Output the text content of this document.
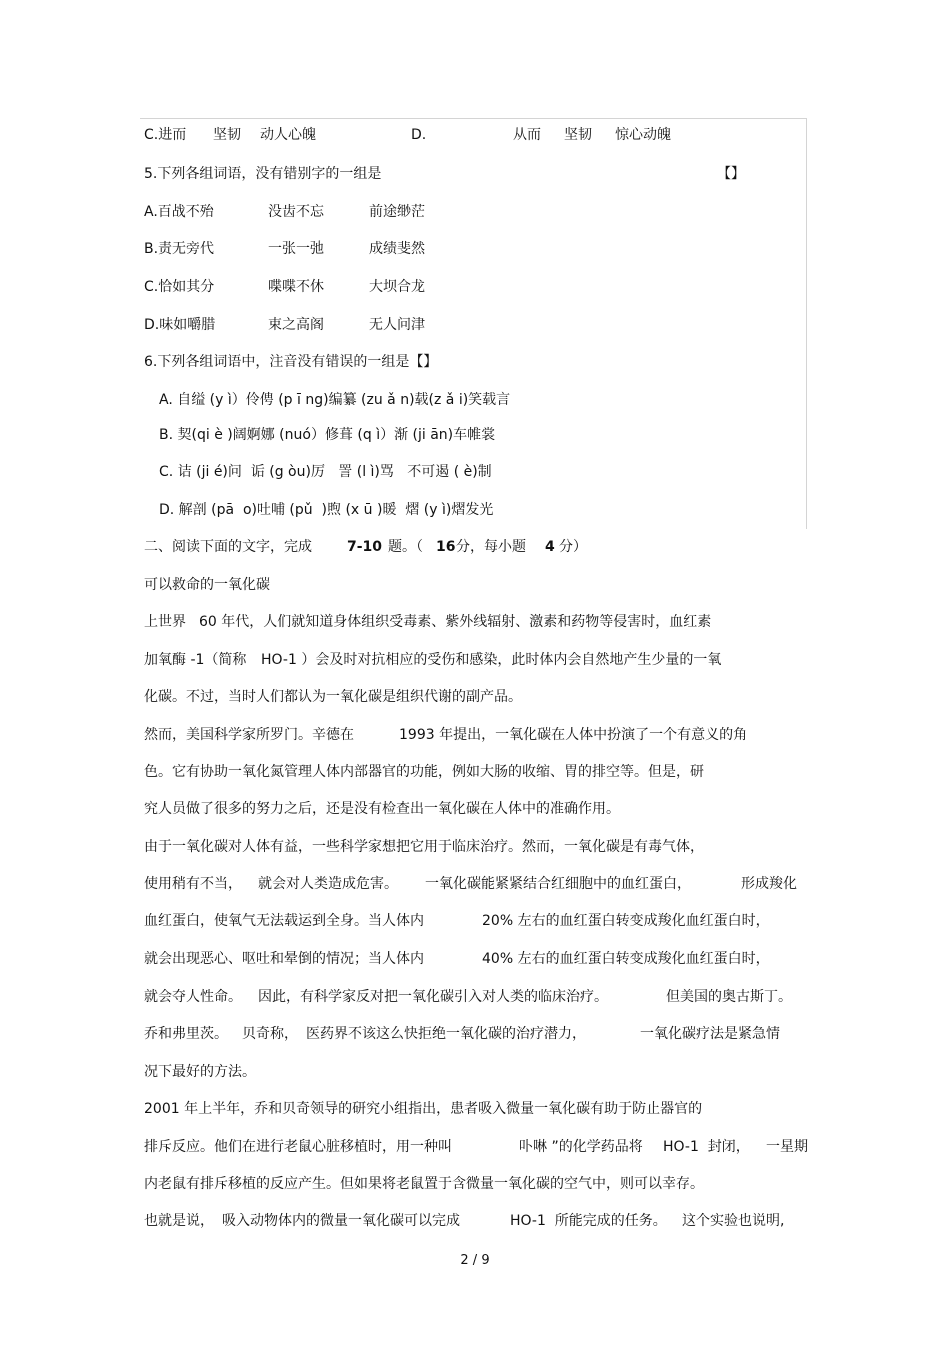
C.进而 坚韧 动人心魄	D.	从而 坚韧 惊心动魄
5.下列各组词语，没有错别字的一组是	【】
A.百战不殆	没齿不忘	前途缈茫
B.责无旁代	一张一弛	成绩斐然
C.恰如其分	喋喋不休	大坝合龙
D.味如嚼腊	束之高阁	无人问津
6.下列各组词语中，注音没有错误的一组是【】
A. 自缢 (y ì）伶俜 (p ī ng)编纂 (zu ǎ n)载(z ǎ i)笑载言
B. 契(qi è )阔婀娜 (nuó）修葺 (q ì）渐 (ji ān)车帷裳
C. 诘 (ji é)问  诟 (g òu)厉   詈 (l ì)骂   不可遏 ( è)制
D. 解剖 (pā  o)吐哺 (pǔ  )煦 (x ū )暖  熠 (y ì)熠发光
二、阅读下面的文字，完成	7-10 题。（ 16 分，每小题 4 分）
可以救命的一氧化碳
上世界 60 年代，人们就知道身体组织受毒素、紫外线辐射、激素和药物等侵害时，血红素
加氧酶 -1（简称 HO-1 ）会及时对抗相应的受伤和感染，此时体内会自然地产生少量的一氧
化碳。不过，当时人们都认为一氧化碳是组织代谢的副产品。
然而，美国科学家所罗门。辛德在	1993 年提出，一氧化碳在人体中扮演了一个有意义的角
色。它有协助一氧化氮管理人体内部器官的功能，例如大肠的收缩、胃的排空等。但是，研
究人员做了很多的努力之后，还是没有检查出一氧化碳在人体中的准确作用。
由于一氧化碳对人体有益，一些科学家想把它用于临床治疗。然而，一氧化碳是有毒气体，
使用稍有不当， 就会对人类造成危害。 一氧化碳能紧紧结合红细胞中的血红蛋白，	形成羧化
血红蛋白，使氧气无法载运到全身。当人体内	20% 左右的血红蛋白转变成羧化血红蛋白时，
就会出现恶心、呕吐和晕倒的情况；当人体内	40% 左右的血红蛋白转变成羧化血红蛋白时，
就会夺人性命。 因此，有科学家反对把一氧化碳引入对人类的临床治疗。	但美国的奥古斯丁。
乔和弗里茨。 贝奇称， 医药界不该这么快拒绝一氧化碳的治疗潜力，	一氧化碳疗法是紧急情
况下最好的方法。
2001 年上半年，乔和贝奇领导的研究小组指出，患者吸入微量一氧化碳有助于防止器官的
排斥反应。他们在进行老鼠心脏移植时，用一种叫	卟啉 ”的化学药品将 HO-1  封闭， 一星期
内老鼠有排斥移植的反应产生。但如果将老鼠置于含微量一氧化碳的空气中，则可以幸存。
也就是说， 吸入动物体内的微量一氧化碳可以完成	HO-1  所能完成的任务。 这个实验也说明,
2 / 9
